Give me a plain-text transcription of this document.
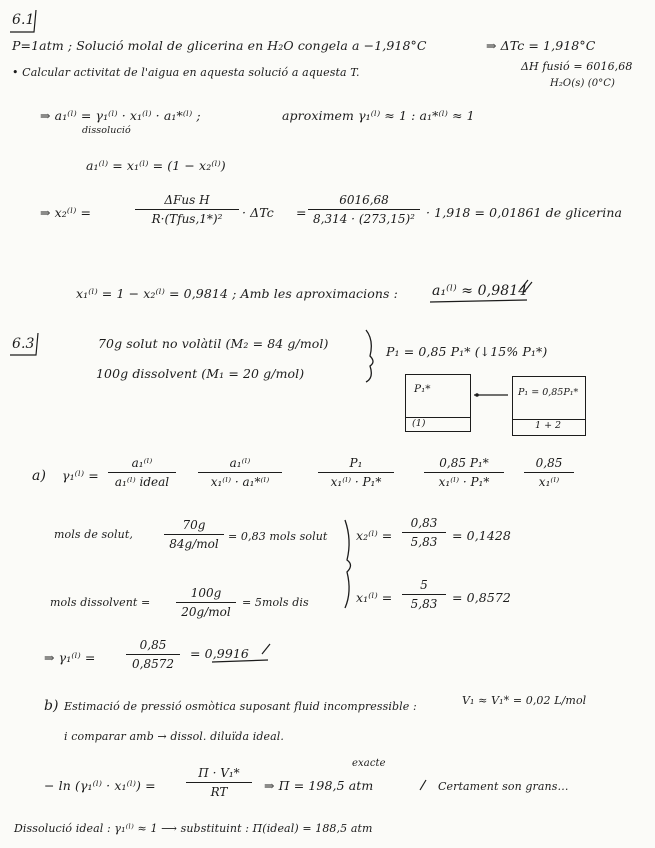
6.1
P=1atm ; Solució molal de glicerina en H₂O congela a −1,918°C	⇒ ΔTc = 1,918°C
• Calcular activitat de l'aigua en aquesta solució a aquesta T.	ΔH fusió = 6016,68
H₂O(s) (0°C)
⇒ a₁⁽ˡ⁾ = γ₁⁽ˡ⁾ · x₁⁽ˡ⁾ · a₁*⁽ˡ⁾ ;
dissolució
aproximem γ₁⁽ˡ⁾ ≈ 1 : a₁*⁽ˡ⁾ ≈ 1
a₁⁽ˡ⁾ = x₁⁽ˡ⁾ = (1 − x₂⁽ˡ⁾)
⇒ x₂⁽ˡ⁾ =
ΔFus H
R·(Tfus,1*)²	· ΔTc =
6016,68
8,314 · (273,15)² · 1,918 = 0,01861 de glicerina
x₁⁽ˡ⁾ = 1 − x₂⁽ˡ⁾ = 0,9814 ; Amb les aproximacions : a₁⁽ˡ⁾ ≈ 0,9814
6.3	70g solut no volàtil (M₂ = 84 g/mol)
100g dissolvent (M₁ = 20 g/mol)
P₁ = 0,85 P₁* (↓15% P₁*)
P₁*
(1)
P₁ = 0,85P₁*
1 + 2
a) γ₁⁽ˡ⁾ =
a₁⁽ˡ⁾
a₁⁽ˡ⁾ ideal
a₁⁽ˡ⁾
x₁⁽ˡ⁾ · a₁*⁽ˡ⁾
P₁
x₁⁽ˡ⁾ · P₁*
0,85 P₁*
x₁⁽ˡ⁾ · P₁*
0,85
x₁⁽ˡ⁾
mols de solut,
70g
84g/mol
= 0,83 mols solut
mols dissolvent =
100g
20g/mol
= 5mols dis
x₂⁽ˡ⁾ =
0,83
5,83	= 0,1428
x₁⁽ˡ⁾ =
5
5,83	= 0,8572
⇒ γ₁⁽ˡ⁾ =
0,85
0,8572
= 0,9916
b) Estimació de pressió osmòtica suposant fluid incompressible :	V₁ ≈ V₁* = 0,02 L/mol
i comparar amb → dissol. diluïda ideal.
− ln (γ₁⁽ˡ⁾ · x₁⁽ˡ⁾) =
Π · V₁*
RT	⇒ Π = 198,5 atm
exacte
Certament son grans…
Dissolució ideal : γ₁⁽ˡ⁾ ≈ 1 ⟶ substituint : Π(ideal) = 188,5 atm
